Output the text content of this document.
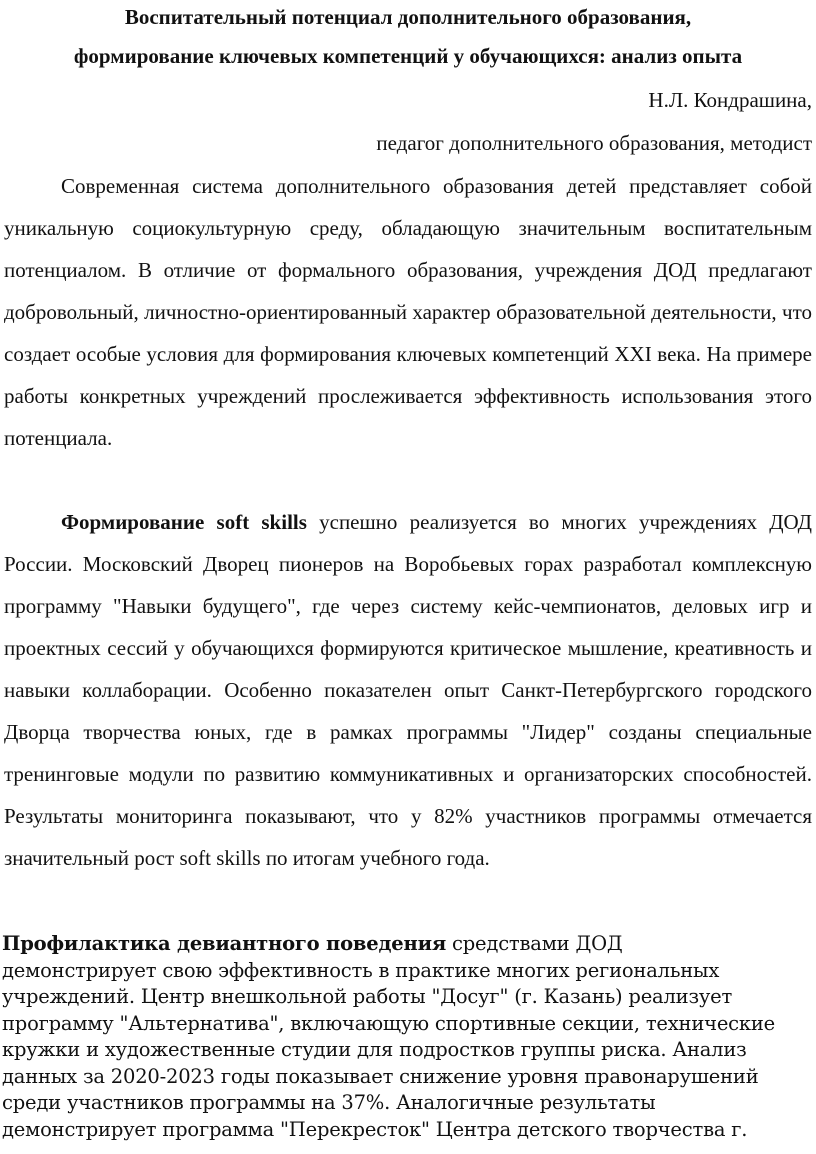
Воспитательный потенциал дополнительного образования,
формирование ключевых компетенций у обучающихся: анализ опыта
Н.Л. Кондрашина,
педагог дополнительного образования, методист

Современная система дополнительного образования детей представляет собой уникальную социокультурную среду, обладающую значительным воспитательным потенциалом. В отличие от формального образования, учреждения ДОД предлагают добровольный, личностно-ориентированный характер образовательной деятельности, что создает особые условия для формирования ключевых компетенций XXI века. На примере работы конкретных учреждений прослеживается эффективность использования этого потенциала.

Формирование soft skills успешно реализуется во многих учреждениях ДОД России. Московский Дворец пионеров на Воробьевых горах разработал комплексную программу "Навыки будущего", где через систему кейс-чемпионатов, деловых игр и проектных сессий у обучающихся формируются критическое мышление, креативность и навыки коллаборации. Особенно показателен опыт Санкт-Петербургского городского Дворца творчества юных, где в рамках программы "Лидер" созданы специальные тренинговые модули по развитию коммуникативных и организаторских способностей. Результаты мониторинга показывают, что у 82% участников программы отмечается значительный рост soft skills по итогам учебного года.

Профилактика девиантного поведения средствами ДОД демонстрирует свою эффективность в практике многих региональных учреждений. Центр внешкольной работы "Досуг" (г. Казань) реализует программу "Альтернатива", включающую спортивные секции, технические кружки и художественные студии для подростков группы риска. Анализ данных за 2020-2023 годы показывает снижение уровня правонарушений среди участников программы на 37%. Аналогичные результаты демонстрирует программа "Перекресток" Центра детского творчества г.
